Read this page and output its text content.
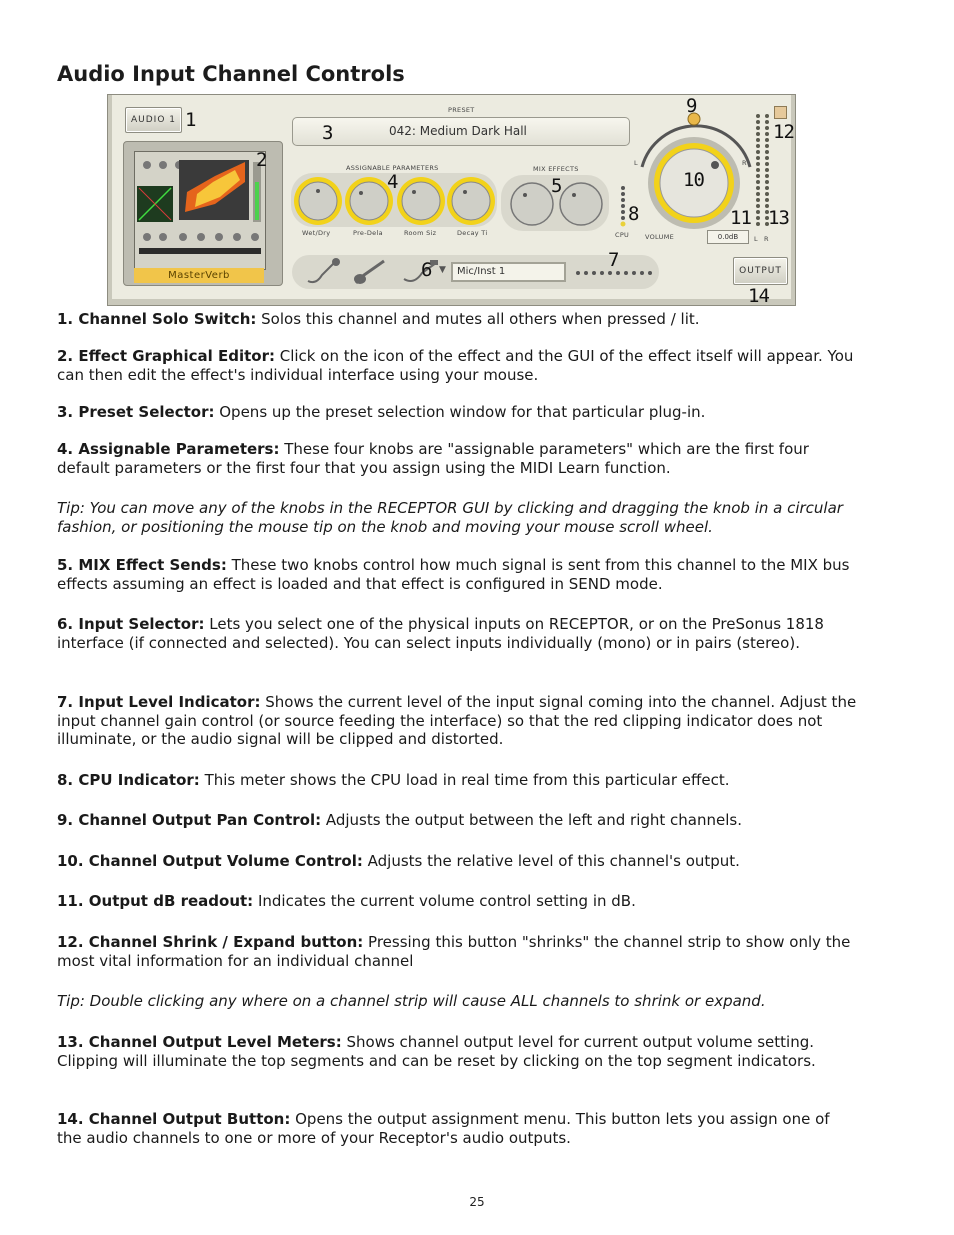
Audio Input Channel Controls
AUDIO 1 1
MasterVerb
2
PRESET
042: Medium Dark Hall
3
ASSIGNABLE PARAMETERS
4
Wet/Dry	Pre-Dela	Room Siz	Decay Ti
MIX EFFECTS
5
8
CPU
9
10
L	R
VOLUME	0.0dB
11
12
13
L R
6 ▼	Mic/Inst 1
7	OUTPUT
14

1. Channel Solo Switch: Solos this channel and mutes all others when pressed / lit.

2. Effect Graphical Editor: Click on the icon of the effect and the GUI of the effect itself will appear. You can then edit the effect's individual interface using your mouse.

3. Preset Selector: Opens up the preset selection window for that particular plug-in.

4. Assignable Parameters: These four knobs are "assignable parameters" which are the first four default parameters or the first four that you assign using the MIDI Learn function.

Tip: You can move any of the knobs in the RECEPTOR GUI by clicking and dragging the knob in a circular fashion, or positioning the mouse tip on the knob and moving your mouse scroll wheel.

5. MIX Effect Sends: These two knobs control how much signal is sent from this channel to the MIX bus effects assuming an effect is loaded and that effect is configured in SEND mode.

6. Input Selector: Lets you select one of the physical inputs on RECEPTOR, or on the PreSonus 1818 interface (if connected and selected). You can select inputs individually (mono) or in pairs (stereo).

7. Input Level Indicator: Shows the current level of the input signal coming into the channel. Adjust the input channel gain control (or source feeding the interface) so that the red clipping indicator does not illuminate, or the audio signal will be clipped and distorted.

8. CPU Indicator: This meter shows the CPU load in real time from this particular effect.

9. Channel Output Pan Control: Adjusts the output between the left and right channels.

10. Channel Output Volume Control: Adjusts the relative level of this channel's output.

11. Output dB readout: Indicates the current volume control setting in dB.

12. Channel Shrink / Expand button: Pressing this button "shrinks" the channel strip to show only the most vital information for an individual channel

Tip: Double clicking any where on a channel strip will cause ALL channels to shrink or expand.

13. Channel Output Level Meters: Shows channel output level for current output volume setting. Clipping will illuminate the top segments and can be reset by clicking on the top segment indicators.

14. Channel Output Button: Opens the output assignment menu. This button lets you assign one of the audio channels to one or more of your Receptor's audio outputs.

25
